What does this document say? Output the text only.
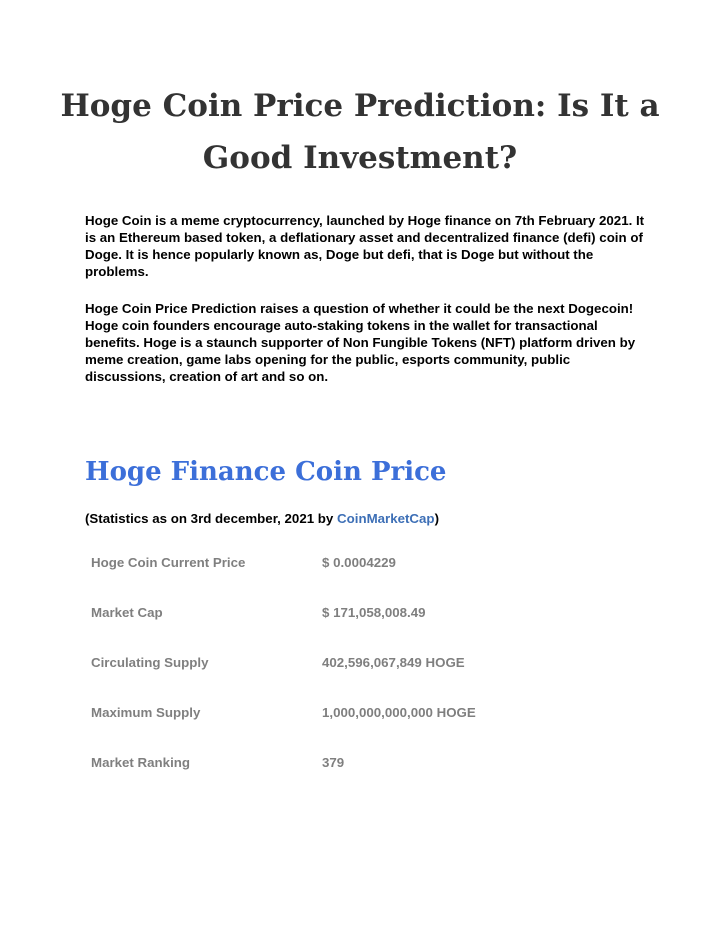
Hoge Coin Price Prediction: Is It a Good Investment?

Hoge Coin is a meme cryptocurrency, launched by Hoge finance on 7th February 2021. It is an Ethereum based token, a deflationary asset and decentralized finance (defi) coin of Doge. It is hence popularly known as, Doge but defi, that is Doge but without the problems.

Hoge Coin Price Prediction raises a question of whether it could be the next Dogecoin! Hoge coin founders encourage auto-staking tokens in the wallet for transactional benefits. Hoge is a staunch supporter of Non Fungible Tokens (NFT) platform driven by meme creation, game labs opening for the public, esports community, public discussions, creation of art and so on.

Hoge Finance Coin Price

(Statistics as on 3rd december, 2021 by CoinMarketCap)

Hoge Coin Current Price	$ 0.0004229
Market Cap	$ 171,058,008.49
Circulating Supply	402,596,067,849 HOGE
Maximum Supply	1,000,000,000,000 HOGE
Market Ranking	379
